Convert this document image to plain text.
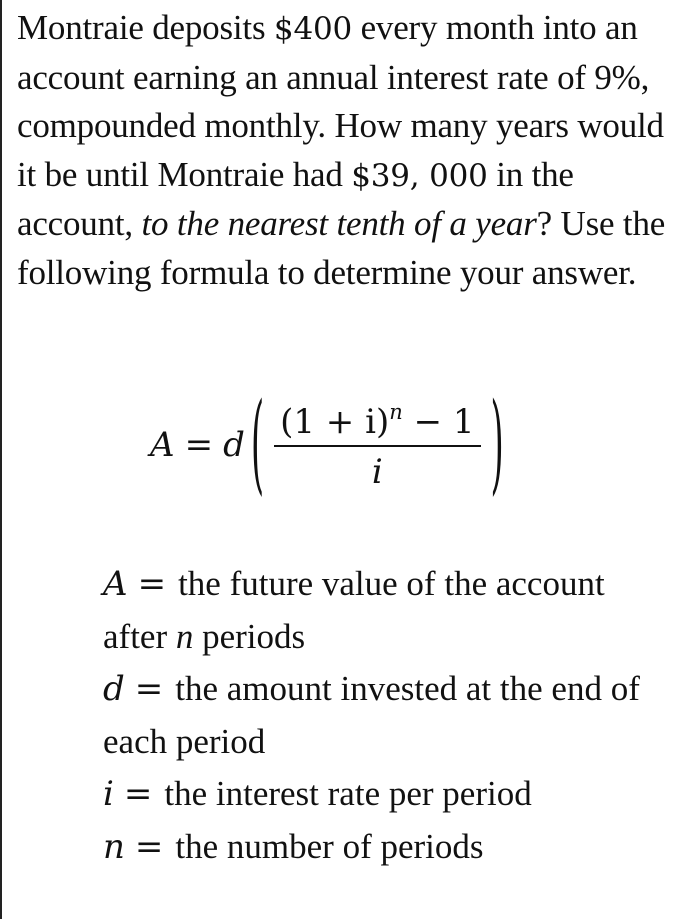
Montraie deposits $400 every month into an account earning an annual interest rate of 9%, compounded monthly. How many years would it be until Montraie had $39, 000 in the account, to the nearest tenth of a year? Use the following formula to determine your answer.

A = d ( $\frac{(1 + i)^n - 1}{i}$ )

A = the future value of the account after n periods
d = the amount invested at the end of each period
i = the interest rate per period
n = the number of periods
